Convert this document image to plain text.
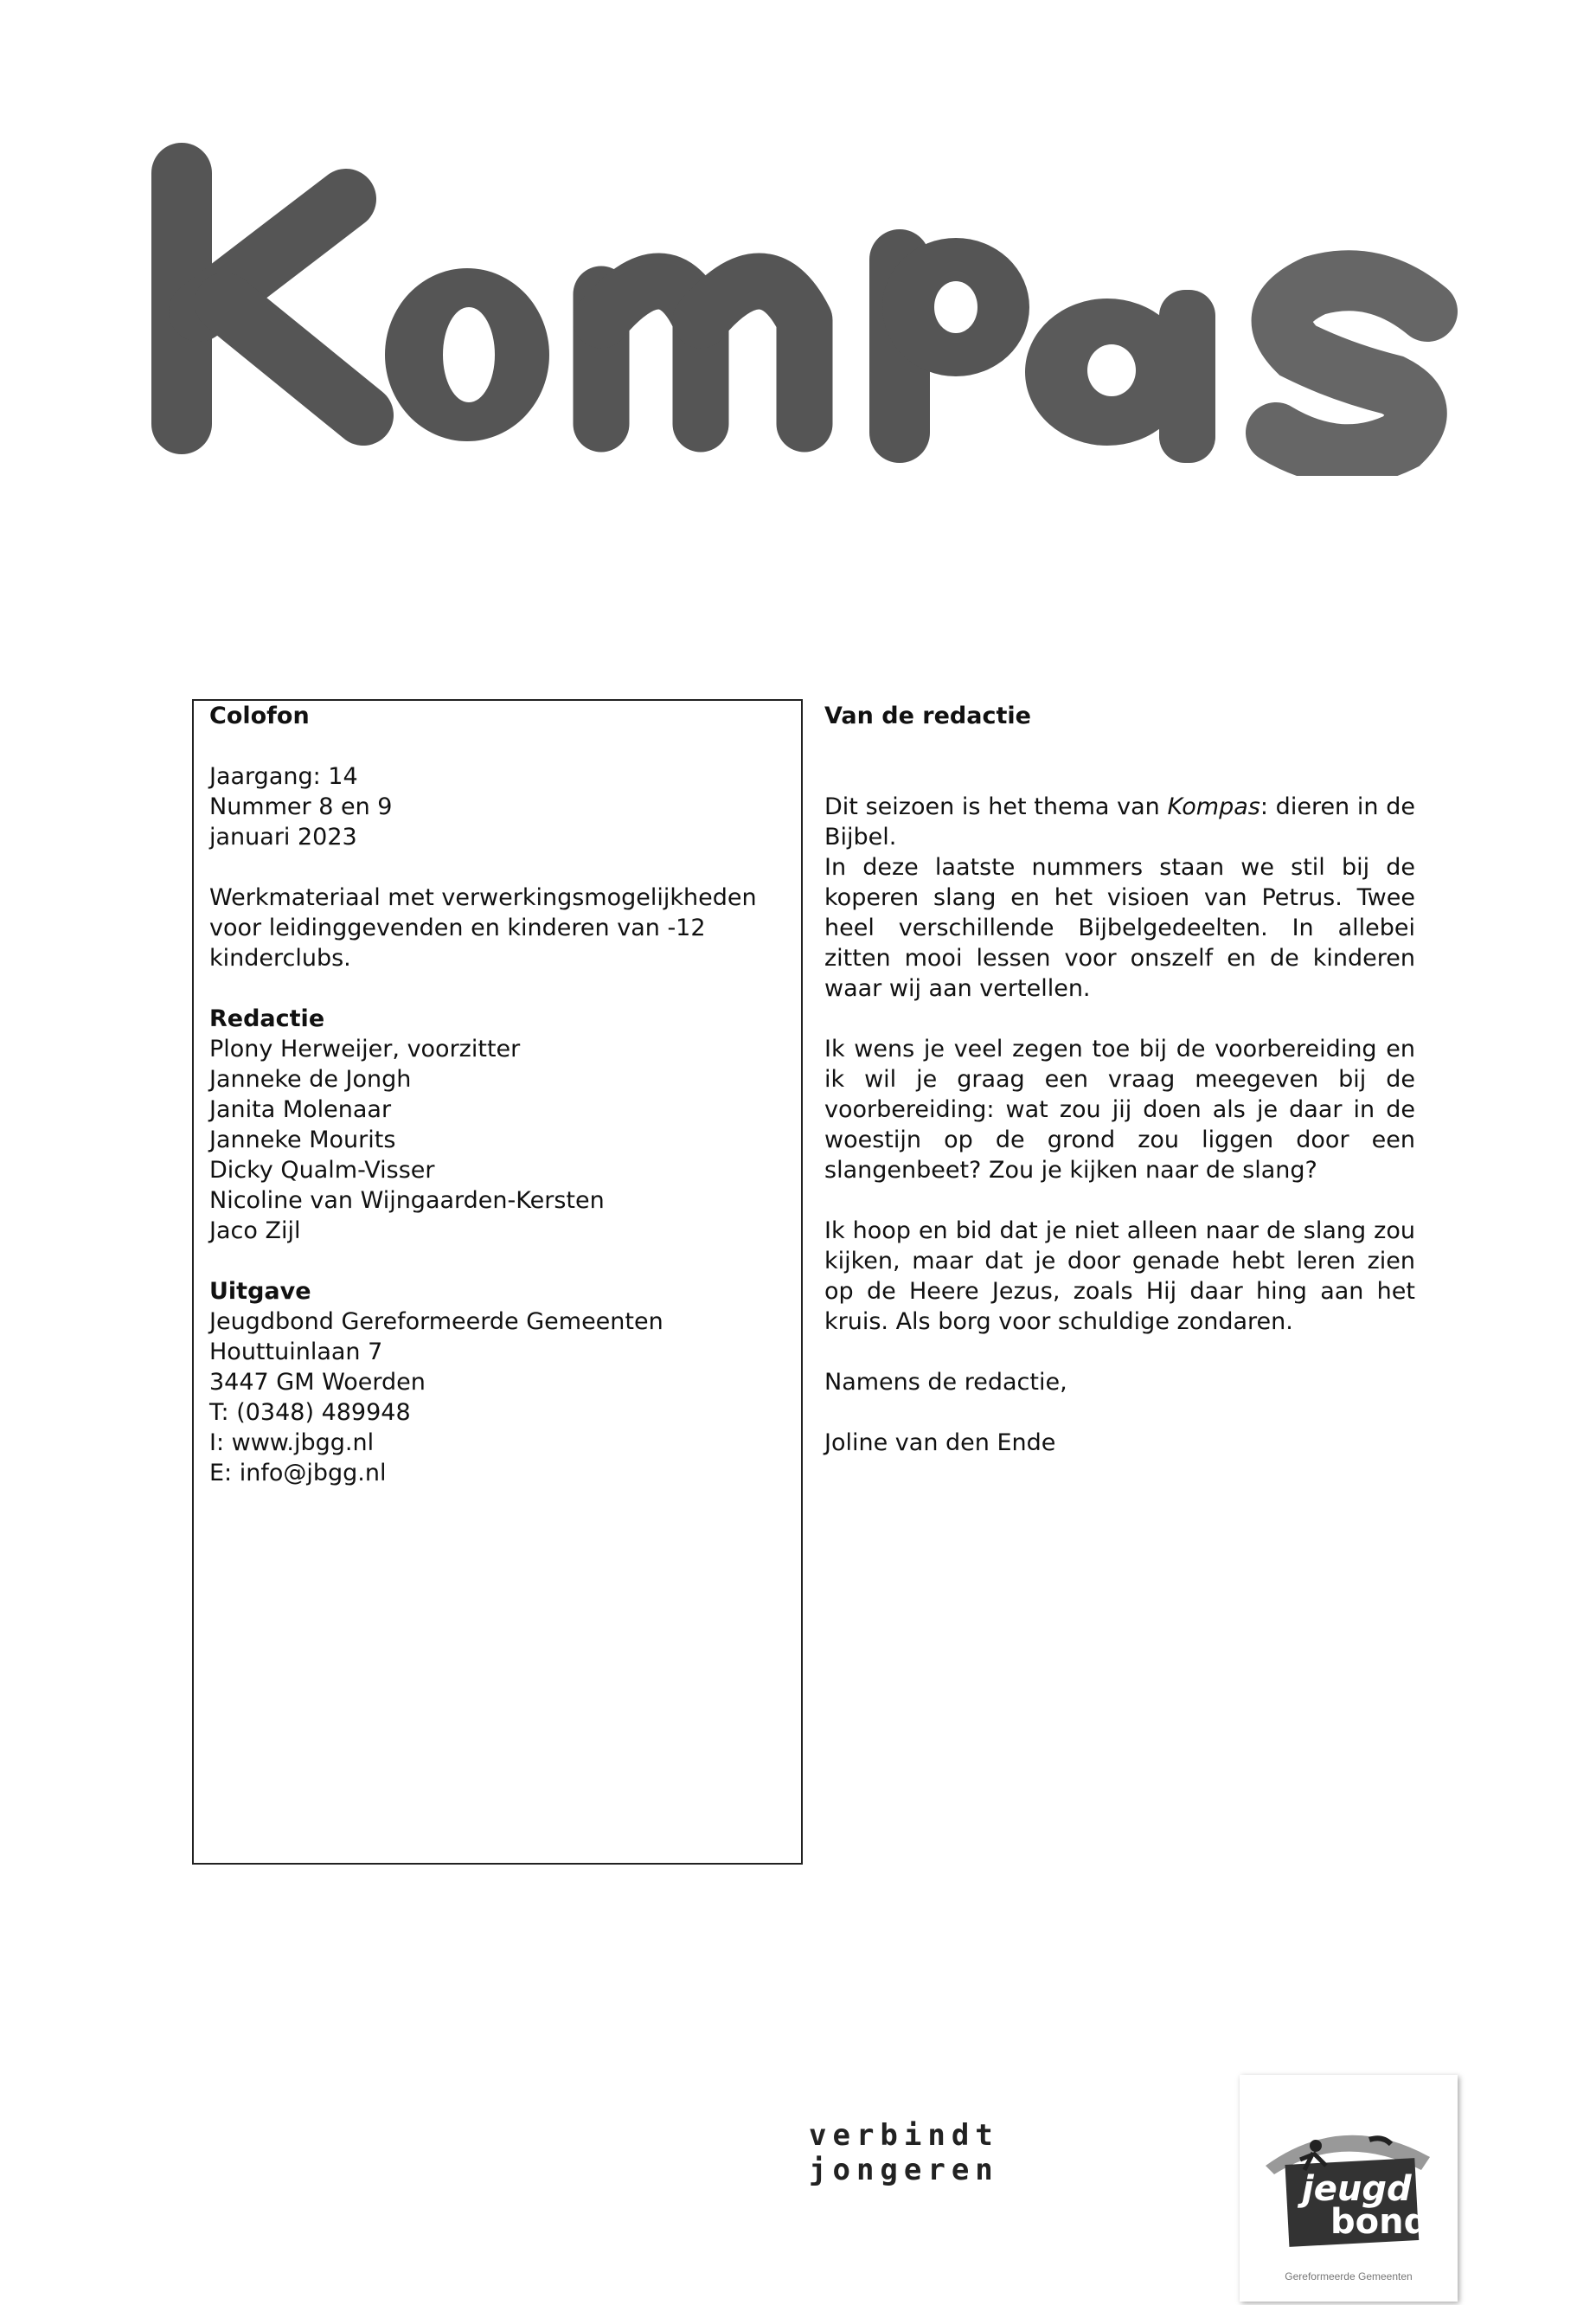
Colofon

Jaargang: 14

Nummer 8 en 9

januari 2023

Werkmateriaal met verwerkingsmogelijkheden

voor leidinggevenden en kinderen van -12

kinderclubs.

Redactie

Plony Herweijer, voorzitter

Janneke de Jongh

Janita Molenaar

Janneke Mourits

Dicky Qualm-Visser

Nicoline van Wijngaarden-Kersten

Jaco Zijl

Uitgave

Jeugdbond Gereformeerde Gemeenten

Houttuinlaan 7

3447 GM Woerden

T: (0348) 489948

I: www.jbgg.nl

E: info@jbgg.nl

Van de redactie

Dit seizoen is het thema van Kompas: dieren in de Bijbel.

In deze laatste nummers staan we stil bij de koperen slang en het visioen van Petrus. Twee heel verschillende Bijbelgedeelten. In allebei zitten mooi lessen voor onszelf en de kinderen waar wij aan vertellen.

Ik wens je veel zegen toe bij de voorbereiding en ik wil je graag een vraag meegeven bij de voorbereiding: wat zou jij doen als je daar in de woestijn op de grond zou liggen door een slangenbeet? Zou je kijken naar de slang?

Ik hoop en bid dat je niet alleen naar de slang zou kijken, maar dat je door genade hebt leren zien op de Heere Jezus, zoals Hij daar hing aan het kruis. Als borg voor schuldige zondaren.

Namens de redactie,

Joline van den Ende

verbindt jongeren	jeugd
bond
Gereformeerde Gemeenten
